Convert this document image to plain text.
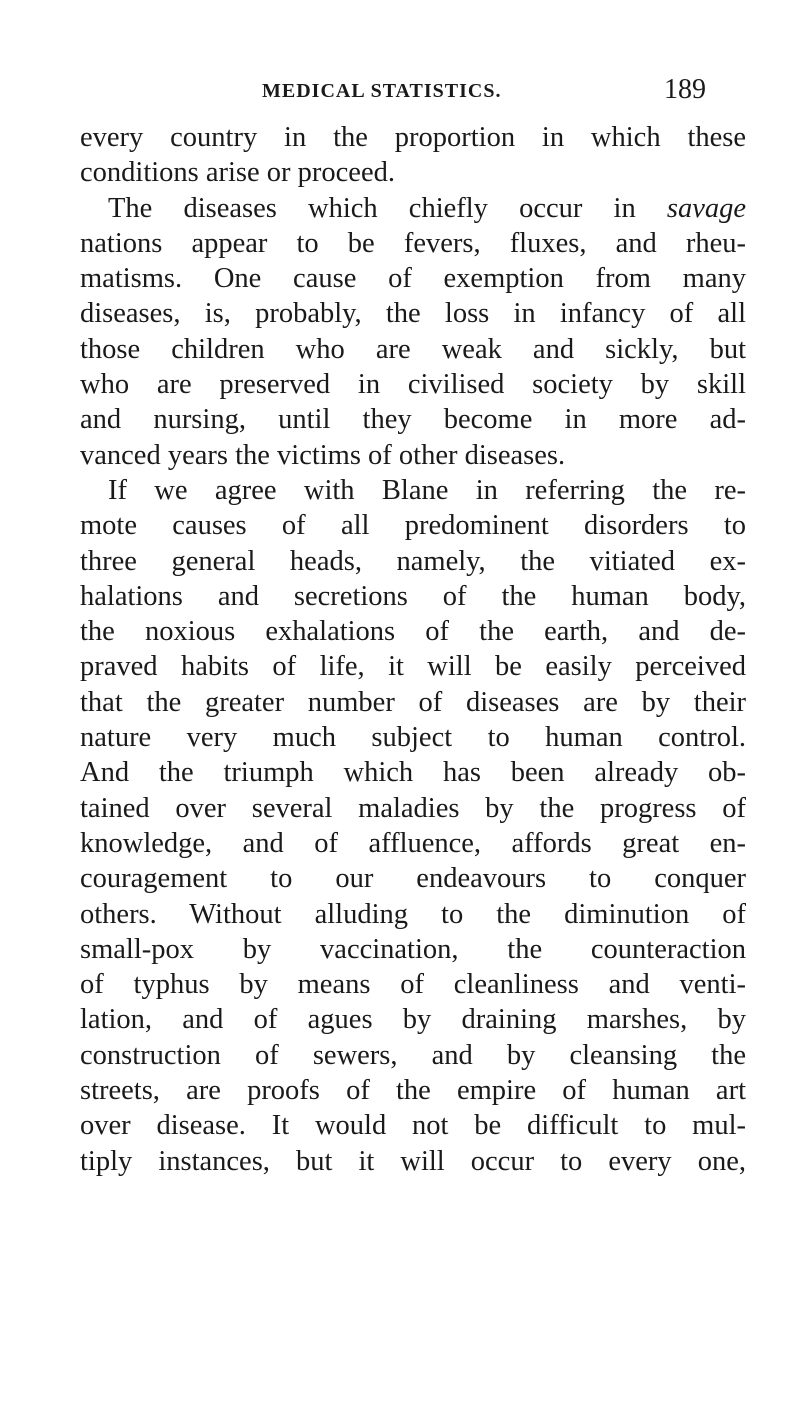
MEDICAL STATISTICS.	189
every country in the proportion in which these
conditions arise or proceed.
The diseases which chiefly occur in savage
nations appear to be fevers, fluxes, and rheu-
matisms. One cause of exemption from many
diseases, is, probably, the loss in infancy of all
those children who are weak and sickly, but
who are preserved in civilised society by skill
and nursing, until they become in more ad-
vanced years the victims of other diseases.
If we agree with Blane in referring the re-
mote causes of all predominent disorders to
three general heads, namely, the vitiated ex-
halations and secretions of the human body,
the noxious exhalations of the earth, and de-
praved habits of life, it will be easily perceived
that the greater number of diseases are by their
nature very much subject to human control.
And the triumph which has been already ob-
tained over several maladies by the progress of
knowledge, and of affluence, affords great en-
couragement to our endeavours to conquer
others. Without alluding to the diminution of
small-pox by vaccination, the counteraction
of typhus by means of cleanliness and venti-
lation, and of agues by draining marshes, by
construction of sewers, and by cleansing the
streets, are proofs of the empire of human art
over disease. It would not be difficult to mul-
tiply instances, but it will occur to every one,
